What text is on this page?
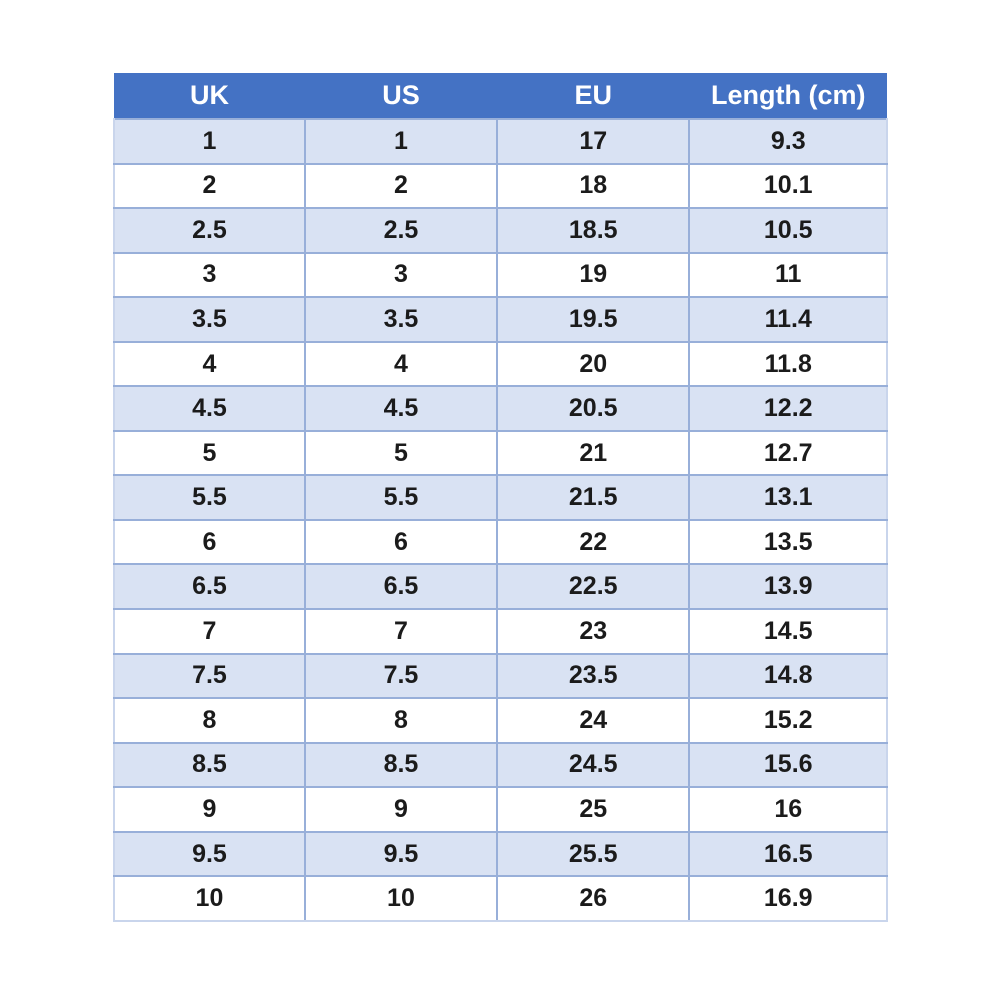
UK	US	EU	Length (cm)
1	1	17	9.3
2	2	18	10.1
2.5	2.5	18.5	10.5
3	3	19	11
3.5	3.5	19.5	11.4
4	4	20	11.8
4.5	4.5	20.5	12.2
5	5	21	12.7
5.5	5.5	21.5	13.1
6	6	22	13.5
6.5	6.5	22.5	13.9
7	7	23	14.5
7.5	7.5	23.5	14.8
8	8	24	15.2
8.5	8.5	24.5	15.6
9	9	25	16
9.5	9.5	25.5	16.5
10	10	26	16.9
